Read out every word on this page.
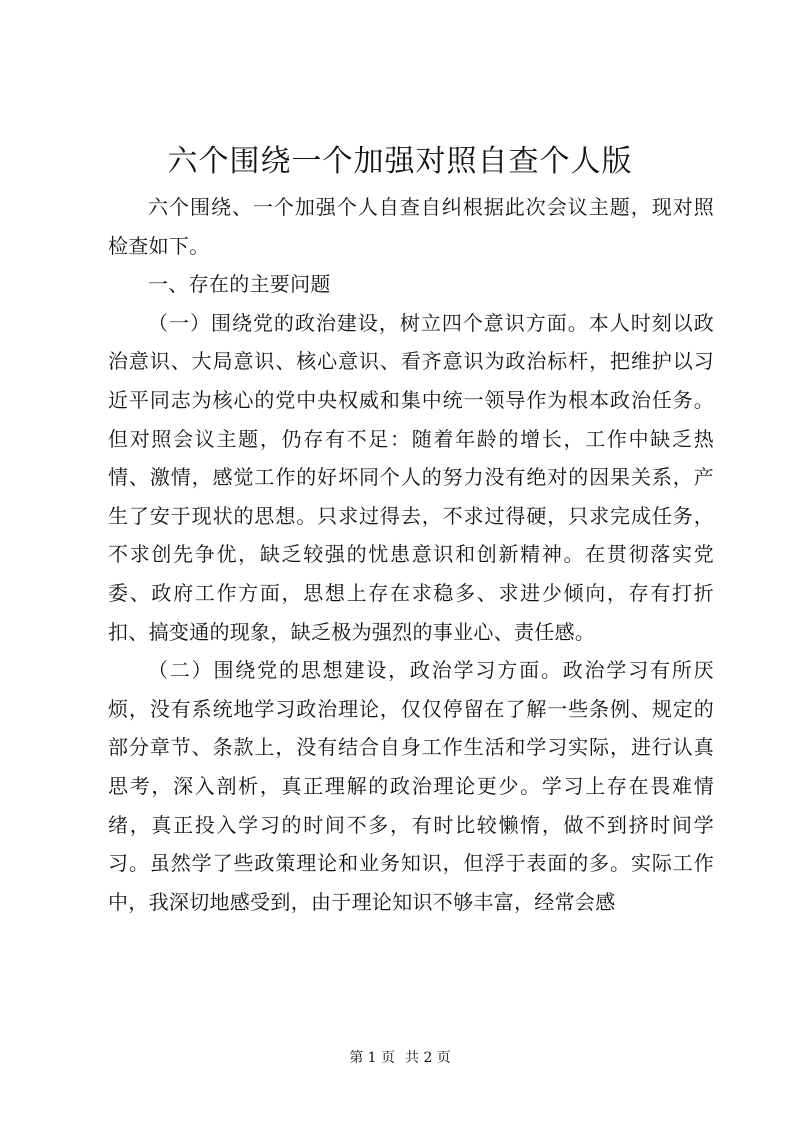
六个围绕一个加强对照自查个人版

六个围绕、一个加强个人自查自纠根据此次会议主题，现对照检查如下。

一、存在的主要问题

（一）围绕党的政治建设，树立四个意识方面。本人时刻以政治意识、大局意识、核心意识、看齐意识为政治标杆，把维护以习近平同志为核心的党中央权威和集中统一领导作为根本政治任务。但对照会议主题，仍存有不足：随着年龄的增长，工作中缺乏热情、激情，感觉工作的好坏同个人的努力没有绝对的因果关系，产生了安于现状的思想。只求过得去，不求过得硬，只求完成任务，不求创先争优，缺乏较强的忧患意识和创新精神。在贯彻落实党委、政府工作方面，思想上存在求稳多、求进少倾向，存有打折扣、搞变通的现象，缺乏极为强烈的事业心、责任感。

（二）围绕党的思想建设，政治学习方面。政治学习有所厌烦，没有系统地学习政治理论，仅仅停留在了解一些条例、规定的部分章节、条款上，没有结合自身工作生活和学习实际，进行认真思考，深入剖析，真正理解的政治理论更少。学习上存在畏难情绪，真正投入学习的时间不多，有时比较懒惰，做不到挤时间学习。虽然学了些政策理论和业务知识，但浮于表面的多。实际工作中，我深切地感受到，由于理论知识不够丰富，经常会感

第 1 页 共 2 页
